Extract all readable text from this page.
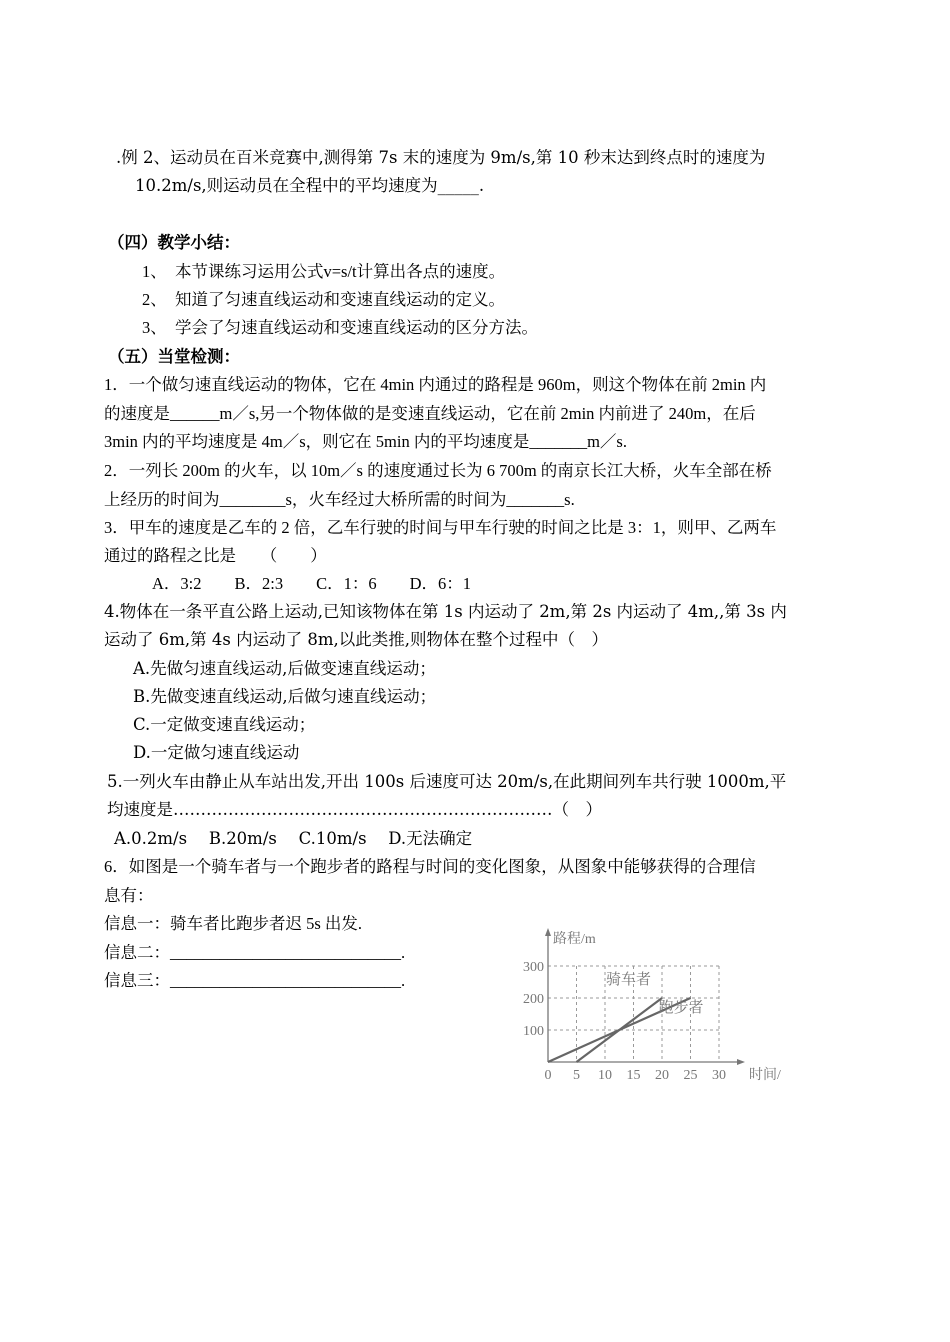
.例 2、运动员在百米竞赛中,测得第 7s 末的速度为 9m/s,第 10 秒末达到终点时的速度为
10.2m/s,则运动员在全程中的平均速度为_____.
（四）教学小结：
1、　本节课练习运用公式v=s/t计算出各点的速度。
2、　知道了匀速直线运动和变速直线运动的定义。
3、　学会了匀速直线运动和变速直线运动的区分方法。
（五）当堂检测：
1．一个做匀速直线运动的物体，它在 4min 内通过的路程是 960m，则这个物体在前 2min 内
的速度是______m／s,另一个物体做的是变速直线运动，它在前 2min 内前进了 240m，在后
3min 内的平均速度是 4m／s，则它在 5min 内的平均速度是_______m／s.
2．一列长 200m 的火车，以 10m／s 的速度通过长为 6 700m 的南京长江大桥，火车全部在桥
上经历的时间为________s，火车经过大桥所需的时间为_______s.
3．甲车的速度是乙车的 2 倍，乙车行驶的时间与甲车行驶的时间之比是 3：1，则甲、乙两车
通过的路程之比是　　（　　）
A．3:2　　B．2:3　　C．1：6　　D．6：1
4.物体在一条平直公路上运动,已知该物体在第 1s 内运动了 2m,第 2s 内运动了 4m,,第 3s 内
运动了 6m,第 4s 内运动了 8m,以此类推,则物体在整个过程中（　）
A.先做匀速直线运动,后做变速直线运动；
B.先做变速直线运动,后做匀速直线运动；
C.一定做变速直线运动；
D.一定做匀速直线运动
5.一列火车由静止从车站出发,开出 100s 后速度可达 20m/s,在此期间列车共行驶 1000m,平
均速度是……………………………………………………………（　）
A.0.2m/s　 B.20m/s　 C.10m/s　 D.无法确定
6．如图是一个骑车者与一个跑步者的路程与时间的变化图象，从图象中能够获得的合理信
息有：
信息一：骑车者比跑步者迟 5s 出发.
信息二：____________________________.
信息三：____________________________.
0 5 10 15 20 25 30
100
200
300
路程/m
时间/
骑车者
跑步者
